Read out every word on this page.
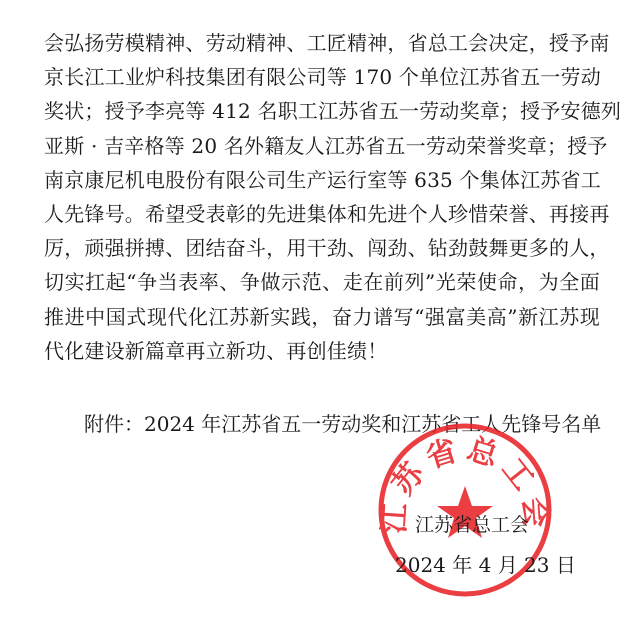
会弘扬劳模精神、劳动精神、工匠精神，省总工会决定，授予南
京长江工业炉科技集团有限公司等 170 个单位江苏省五一劳动
奖状；授予李亮等 412 名职工江苏省五一劳动奖章；授予安德列
亚斯 · 吉辛格等 20 名外籍友人江苏省五一劳动荣誉奖章；授予
南京康尼机电股份有限公司生产运行室等 635 个集体江苏省工
人先锋号。希望受表彰的先进集体和先进个人珍惜荣誉、再接再
厉，顽强拼搏、团结奋斗，用干劲、闯劲、钻劲鼓舞更多的人，
切实扛起“争当表率、争做示范、走在前列”光荣使命，为全面
推进中国式现代化江苏新实践，奋力谱写“强富美高”新江苏现
代化建设新篇章再立新功、再创佳绩！
附件：2024 年江苏省五一劳动奖和江苏省工人先锋号名单
江苏省总工会
江苏省总工会
2024 年 4 月 23 日
